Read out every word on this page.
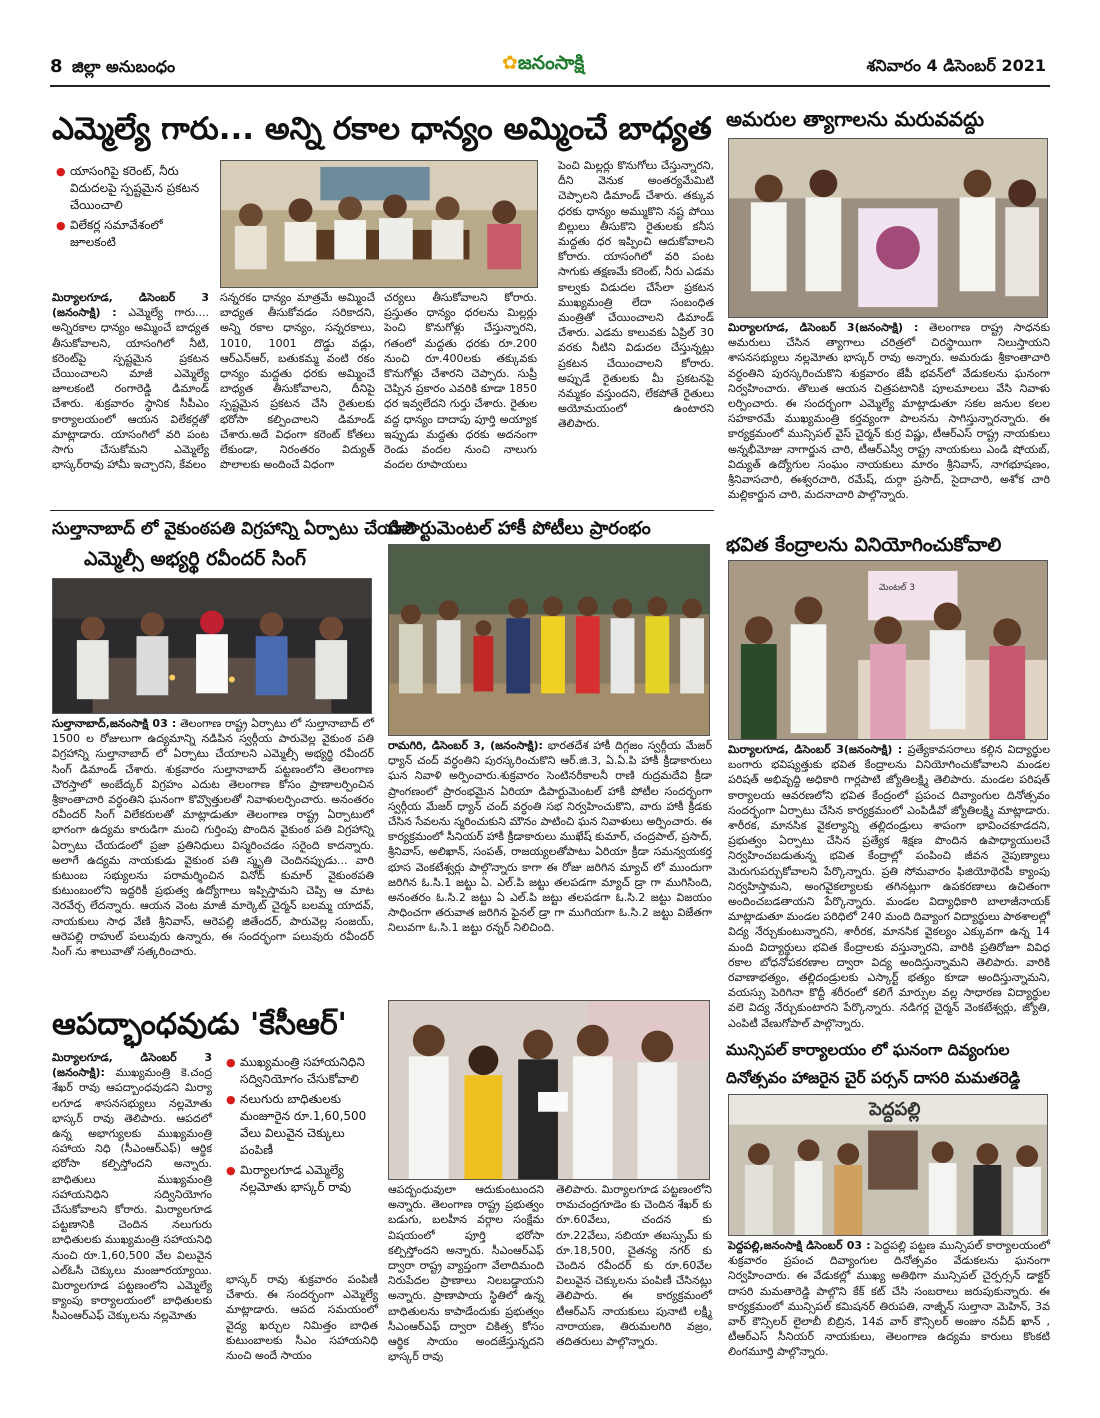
8 జిల్లా అనుబంధం	✿జనంసాక్షి	శనివారం 4 డిసెంబర్ 2021
ఎమ్మెల్యే గారు... అన్ని రకాల ధాన్యం అమ్మించే బాధ్యత
● యాసంగిపై కరెంట్, నీరు విదుదలపై స్పష్టమైన ప్రకటన చేయించాలి
● విలేకర్ల సమావేశంలో జూలకంటి
మిర్యాలగూడ, డిసెంబర్ 3 (జనంసాక్షి) : ఎమ్మెల్యే గారు.... అన్నిరకాల ధాన్యం అమ్మించే బాధ్యత తీసుకోవాలని, యాసంగిలో నీటి, కరెంట్‌పై స్పష్టమైన ప్రకటన చేయించాలని మాజీ ఎమ్మెల్యే జూలకంటి రంగారెడ్డి డిమాండ్ చేశారు. శుక్రవారం స్థానిక సీపీఎం కార్యాలయంలో ఆయన విలేకర్లతో మాట్లాడారు. యాసంగిలో వరి పంట సాగు చేసుకోమని ఎమ్మెల్యే భాస్కర్‌రావు హామీ ఇచ్చారని, కేవలం
సన్నరకం ధాన్యం మాత్రమే అమ్మించే బాధ్యత తీసుకోవడం సరికాదని, అన్ని రకాల ధాన్యం, సన్నరకాలు, 1010, 1001 దొడ్డు వడ్లు, ఆర్ఎన్ఆర్, బతుకమ్మ వంటి రకం ధాన్యం మద్దతు ధరకు అమ్మించే బాధ్యత తీసుకోవాలని, దీనిపై స్పష్టమైన ప్రకటన చేసి రైతులకు భరోసా కల్పించాలని డిమాండ్ చేశారు.అదే విధంగా కరెంట్ కోతలు లేకుండా, నిరంతరం విద్యుత్ పొలాలకు అందించే విధంగా
చర్యలు తీసుకోవాలని కోరారు. ప్రస్తుతం ధాన్యం ధరలను మిల్లర్లు పెంచి కొనుగోళ్లు చేస్తున్నారని, గతంలో మద్దతు ధరకు రూ.200 నుంచి రూ.400లకు తక్కువకు కొనుగోళ్లు చేశారని చెప్పారు. సుప్రీ చెప్పిన ప్రకారం ఎవరికి కూడా 1850 ధర ఇవ్వలేదని గుర్తు చేశారు. రైతుల వద్ద ధాన్యం దాదాపు పూర్తి అయ్యాక ఇప్పుడు మద్దతు ధరకు అదనంగా రెండు వందల నుంచి నాలుగు వందల రూపాయలు
పెంచి మిల్లర్లు కొనుగోలు చేస్తున్నారని, దీని వెనుక అంతర్యమేమిటి చెప్పాలని డిమాండ్ చేశారు. తక్కువ ధరకు ధాన్యం అమ్ముకొని నష్ట పోయి బిల్లులు తీసుకొని రైతులకు కనీస మద్దతు ధర ఇప్పించి ఆదుకోవాలని కోరారు. యాసంగిలో వరి పంట సాగుకు తక్షణమే కరెంట్, నీరు ఎడమ కాల్వకు విడుదల చేసేలా ప్రకటన ముఖ్యమంత్రి లేదా సంబంధిత మంత్రితో చేయించాలని డిమాండ్ చేశారు. ఎడమ కాలువకు ఏప్రిల్ 30 వరకు నీటిని విడుదల చేస్తున్నట్లు ప్రకటన చేయించాలని కోరారు. అప్పుడే రైతులకు మీ ప్రకటనపై నమ్మకం వస్తుందని, లేకపోతే రైతులు అయోమయంలో ఉంటారని తెలిపారు.
అమరుల త్యాగాలను మరువవద్దు
మిర్యాలగూడ, డిసెంబర్ 3(జనంసాక్షి) : తెలంగాణ రాష్ట్ర సాధనకు అమరులు చేసిన త్యాగాలు చరిత్రలో చిరస్థాయిగా నిలుస్తాయని శాసనసభ్యులు నల్లమోతు భాస్కర్ రావు అన్నారు. అమరుడు శ్రీకాంతాచారి వర్ధంతిని పురస్కరించుకొని శుక్రవారం జేపీ భవన్‌లో వేడుకలను ఘనంగా నిర్వహించారు. తొలుత ఆయన చిత్రపటానికి పూలమాలలు వేసి నివాళు లర్పించారు. ఈ సందర్భంగా ఎమ్మెల్యే మాట్లాడుతూ సకల జనుల కలల సహకారమే ముఖ్యమంత్రి కర్తవ్యంగా పాలనను సాగిస్తున్నారన్నారు. ఈ కార్యక్రమంలో మున్సిపల్ వైస్ చైర్మన్ కుర్ర విష్ణు, టీఆర్ఎస్ రాష్ట్ర నాయకులు అన్నభీమోజు నాగార్జున చారి, టీఆర్ఎస్వీ రాష్ట్ర నాయకులు ఎండి షోయబ్, విద్యుత్ ఉద్యోగుల సంఘం నాయకులు మారం శ్రీనివాస్, నాగభూషణం, శ్రీనివాసచారి, ఈశ్వరచారి, రమేష్, దుర్గా ప్రసాద్, సైదాచారి, అశోక చారి మల్లికార్జున చారి, మదనాచారి పాల్గొన్నారు.
సుల్తానాబాద్ లో వైకుంఠపతి విగ్రహాన్ని ఏర్పాటు చేయాలి
ఎమ్మెల్సీ అభ్యర్థి రవీందర్ సింగ్
సుల్తానాబాద్,జనంసాక్షి 03 : తెలంగాణ రాష్ట్ర ఏర్పాటు లో సుల్తానాబాద్ లో 1500 ల రోజులుగా ఉద్యమాన్ని నడిపిన స్వర్గీయ పారువెల్ల వైకుంఠ పతి విగ్రహాన్ని సుల్తానాబాద్ లో ఏర్పాటు చేయాలని ఎమ్మెల్సీ అభ్యర్థి రవీందర్ సింగ్ డిమాండ్ చేశారు. శుక్రవారం సుల్తానాబాద్ పట్టణంలోని తెలంగాణ చౌరస్తాలో అంబేద్కర్ విగ్రహం ఎదుట తెలంగాణ కోసం ప్రాణాలర్పించిన శ్రీకాంతాచారి వర్ధంతిని ఘనంగా కొవ్వొత్తులతో నివాళులర్పించారు. అనంతరం రవీందర్ సింగ్ విలేకరులతో మాట్లాడుతూ తెలంగాణ రాష్ట్ర ఏర్పాటులో భాగంగా ఉద్యమ కారుడిగా మంచి గుర్తింపు పొందిన వైకుంఠ పతి విగ్రహాన్ని ఏర్పాటు చేయడంలో ప్రజా ప్రతినిధులు విస్మరించడం సరైంది కాదన్నారు. అలాగే ఉద్యమ నాయకుడు వైకుంఠ పతి స్మృతి చెందినప్పుడు... వారి కుటుంబ సభ్యులను పరామర్శించిన వినోద్ కుమార్ వైకుంఠపతి కుటుంబంలోని ఇద్దరికీ ప్రభుత్వ ఉద్యోగాలు ఇప్పిస్తామని చెప్పి ఆ మాట నెరవేర్చ లేదన్నారు. ఆయన వెంట మాజీ మార్కెట్ చైర్మన్ బలమ్మ యాదవ్, నాయకులు సాధ వేణి శ్రీనివాస్, ఆరెపల్లి జితేందర్, పారువెల్ల సంజయ్, ఆరెపల్లి రాహుల్ పలువురు ఉన్నారు, ఈ సందర్భంగా పలువురు రవీందర్ సింగ్ ను శాలువాతో సత్కరించారు.
డిపార్టుమెంటల్ హాకీ పోటీలు ప్రారంభం
రామగిరి, డిసెంబర్ 3, (జనంసాక్షి): భారతదేశ హాకీ దిగ్గజం స్వర్గీయ మేజర్ ధ్యాన్ చంద్ వర్ధంతిని పురస్కరించుకొని ఆర్.జి.3, ఏ.ఏ.పి హాకీ క్రీడాకారులు ఘన నివాళి అర్పించారు.శుక్రవారం సెంటినరీకాలనీ రాణి రుద్రమదేవి క్రీడా ప్రాంగణంలో ప్రారంభమైన ఏరియా డిపార్టుమెంటల్ హాకీ పోటీల సందర్భంగా స్వర్గీయ మేజర్ ధ్యాన్ చంద్ వర్ధంతి సభ నిర్వహించుకొని, వారు హాకీ క్రీడకు చేసిన సేవలను స్మరించుకుని మౌనం పాటించి ఘన నివాళులు అర్పించారు. ఈ కార్యక్రమంలో సీనియర్ హాకీ క్రీడాకారులు ముఖేష్ కుమార్, చంద్రపాల్, ప్రసాద్, శ్రీనివాస్, అలిఖాన్, సంపత్, రాజయ్యలతోపాటు ఏరియా క్రీడా సమన్వయకర్త భూస వెంకటేశ్వర్లు పాల్గొన్నారు కాగా ఈ రోజు జరిగిన మ్యాచ్ లో ముందుగా జరిగిన ఓ.సి.1 జట్టు ఏ. ఎల్.పి జట్టు తలపడగా మ్యాచ్ డ్రా గా ముగిసింది, అనంతరం ఓ.సి.2 జట్టు ఏ ఎల్.పి జట్టు తలపడగా ఓ.సి.2 జట్టు విజయం సాధించగా తరువాత జరిగిన ఫైనల్ డ్రా గా ముగియగా ఓ.సి.2 జట్టు విజేతగా నిలువగా ఓ.సి.1 జట్టు రన్నర్ నిలిచింది.
భవిత కేంద్రాలను వినియోగించుకోవాలి
మెంటల్ 3
మిర్యాలగూడ, డిసెంబర్ 3(జనంసాక్షి) : ప్రత్యేకావసరాలు కల్గిన విద్యార్థుల బంగారు భవిష్యత్తుకు భవిత కేంద్రాలను వినియోగించుకోవాలని మండల పరిషత్ అభివృద్ధి అధికారి గార్లపాటి జ్యోతిలక్ష్మి తెలిపారు. మండల పరిషత్ కార్యాలయ ఆవరణలోని భవిత కేంద్రంలో ప్రపంచ దివ్యాంగుల దినోత్సవం సందర్భంగా ఏర్పాటు చేసిన కార్యక్రమంలో ఎంపిడీవో జ్యోతిలక్ష్మి మాట్లాడారు. శారీరక, మానసిక వైకల్యాన్ని తల్లిదండ్రులు శాపంగా భావించకూడదని, ప్రభుత్వం ఏర్పాటు చేసిన ప్రత్యేక శిక్షణ పొందిన ఉపాధ్యాయులచే నిర్వహించబడుతున్న భవిత కేంద్రాల్లో పంపించి జీవన నైపుణ్యాలు మెరుగుపర్చుకోవాలని పేర్కొన్నారు. ప్రతి సోమవారం ఫిజియోథెరపీ క్యాంపు నిర్వహిస్తామని, అంగవైకల్యాలకు తగినట్లుగా ఉపకరణాలు ఉచితంగా అందించబడతాయని పేర్కొన్నారు. మండల విద్యాధికారి బాలాజీనాయక్ మాట్లాడుతూ మండల పరిధిలో 240 మంది దివ్యాంగ విద్యార్థులు పాఠశాలల్లో విద్య నేర్చుకుంటున్నారని, శారీరక, మానసిక వైకల్యం ఎక్కువగా ఉన్న 14 మంది విద్యార్థులు భవిత కేంద్రాలకు వస్తున్నారని, వారికి ప్రతిరోజూ వివిధ రకాల బోధనోపకరణాల ద్వారా విద్య అందిస్తున్నామని తెలిపారు. వారికి రవాణాభత్యం, తల్లిదండ్రులకు ఎస్కార్ట్ భత్యం కూడా అందిస్తున్నామని, వయస్సు పెరిగినా కొద్దీ శరీరంలో కలిగే మార్పుల వల్ల సాధారణ విద్యార్థుల వలె విద్య నేర్చుకుంటారని పేర్కొన్నారు. నడిగర్ల చైర్మన్ వెంకటేశ్వర్లు, జ్యోతి, ఎంపిటీ వేణుగోపాల్ పాల్గొన్నారు.
ఆపద్భాంధవుడు 'కేసీఆర్'
మిర్యాలగూడ, డిసెంబర్ 3 (జనంసాక్షి): ముఖ్యమంత్రి కె.చంద్ర శేఖర్ రావు ఆపద్బాంధవుడని మిర్యా లగూడ శాసనసభ్యులు నల్లమోతు భాస్కర్ రావు తెలిపారు. ఆపదలో ఉన్న అభాగ్యులకు ముఖ్యమంత్రి సహాయ నిధి (సీఎంఆర్ఎఫ్) ఆర్థిక భరోసా కల్పిస్తోందని అన్నారు. బాధితులు ముఖ్యమంత్రి సహాయనిధిని సద్వినియోగం చేసుకోవాలని కోరారు. మిర్యాలగూడ పట్టణానికి చెందిన నలుగురు బాధితులకు ముఖ్యమంత్రి సహాయనిధి నుంచి రూ.1,60,500 వేల విలువైన ఎల్ఓసీ చెక్కులు మంజూరయ్యాయి. మిర్యాలగూడ పట్టణంలోని ఎమ్మెల్యే క్యాంపు కార్యాలయంలో బాధితులకు సీఎంఆర్ఎఫ్ చెక్కులను నల్లమోతు
● ముఖ్యమంత్రి సహాయనిధిని సద్వినియోగం చేసుకోవాలి
● నలుగురు బాధితులకు మంజూరైన రూ.1,60,500 వేలు విలువైన చెక్కులు పంపిణీ
● మిర్యాలగూడ ఎమ్మెల్యే నల్లమోతు భాస్కర్ రావు
భాస్కర్ రావు శుక్రవారం పంపిణీ చేశారు. ఈ సందర్భంగా ఎమ్మెల్యే మాట్లాడారు. ఆపద సమయంలో వైద్య ఖర్చుల నిమిత్తం బాధిత కుటుంబాలకు సీఎం సహాయనిధి నుంచి అందే సాయం
ఆపద్బంధువులా ఆదుకుంటుందని అన్నారు. తెలంగాణ రాష్ట్ర ప్రభుత్వం బడుగు, బలహీన వర్గాల సంక్షేమ విషయంలో పూర్తి భరోసా కల్పిస్తోందని అన్నారు. సీఎంఆర్ఎఫ్ ద్వారా రాష్ట్ర వ్యాప్తంగా వేలాదిమంది నిరుపేదల ప్రాణాలు నిలబడ్డాయని అన్నారు. ప్రాణాపాయ స్థితిలో ఉన్న బాధితులను కాపాడేందుకు ప్రభుత్వం సీఎంఆర్ఎఫ్ ద్వారా చికిత్స కోసం ఆర్థిక సాయం అందజేస్తున్నదని భాస్కర్ రావు
తెలిపారు. మిర్యాలగూడ పట్టణంలోని రామచంద్రగూడెం కు చెందిన శేఖర్ కు రూ.60వేలు, చందన కు రూ.22వేలు, సబియా తబస్సుమ్ కు రూ.18,500, చైతన్య నగర్ కు చెందిన రవీందర్ కు రూ.60వేల విలువైన చెక్కులను పంపిణీ చేసినట్లు తెలిపారు. ఈ కార్యక్రమంలో టీఆర్ఎస్ నాయకులు పునాటి లక్ష్మీ నారాయణ, తిరుమలగిరి వజ్రం, తదితరులు పాల్గొన్నారు.
మున్సిపల్ కార్యాలయం లో ఘనంగా దివ్యంగుల
దినోత్సవం హాజరైన చైర్ పర్సన్ దాసరి మమతరెడ్డి
పెద్దపల్లి
పెద్దపల్లి,జనంసాక్షి డిసెంబర్ 03 : పెద్దపల్లి పట్టణ మున్సిపల్ కార్యాలయంలో శుక్రవారం ప్రపంచ దివ్యాంగుల దినోత్సవం వేడుకలను ఘనంగా నిర్వహించారు. ఈ వేడుకల్లో ముఖ్య అతిథిగా మున్సిపల్ చైర్పర్సన్ డాక్టర్ దాసరి మమతారెడ్డి పాల్గొని కేక్ కట్ చేసి సంబరాలు జరుపుకున్నారు. ఈ కార్యక్రమంలో మున్సిపల్ కమిషనర్ తిరుపతి, నాజ్నీన్ సుల్తానా మెహిన్, 3వ వార్ కౌన్సిలర్ లైలాబీ బిబ్రిన, 14వ వార్ కౌన్సిలర్ అంజుం నవీద్ ఖాన్ , టీఆర్ఎస్ సీనియర్ నాయకులు, తెలంగాణ ఉద్యమ కారులు కొంకటి లింగమూర్తి పాల్గొన్నారు.
